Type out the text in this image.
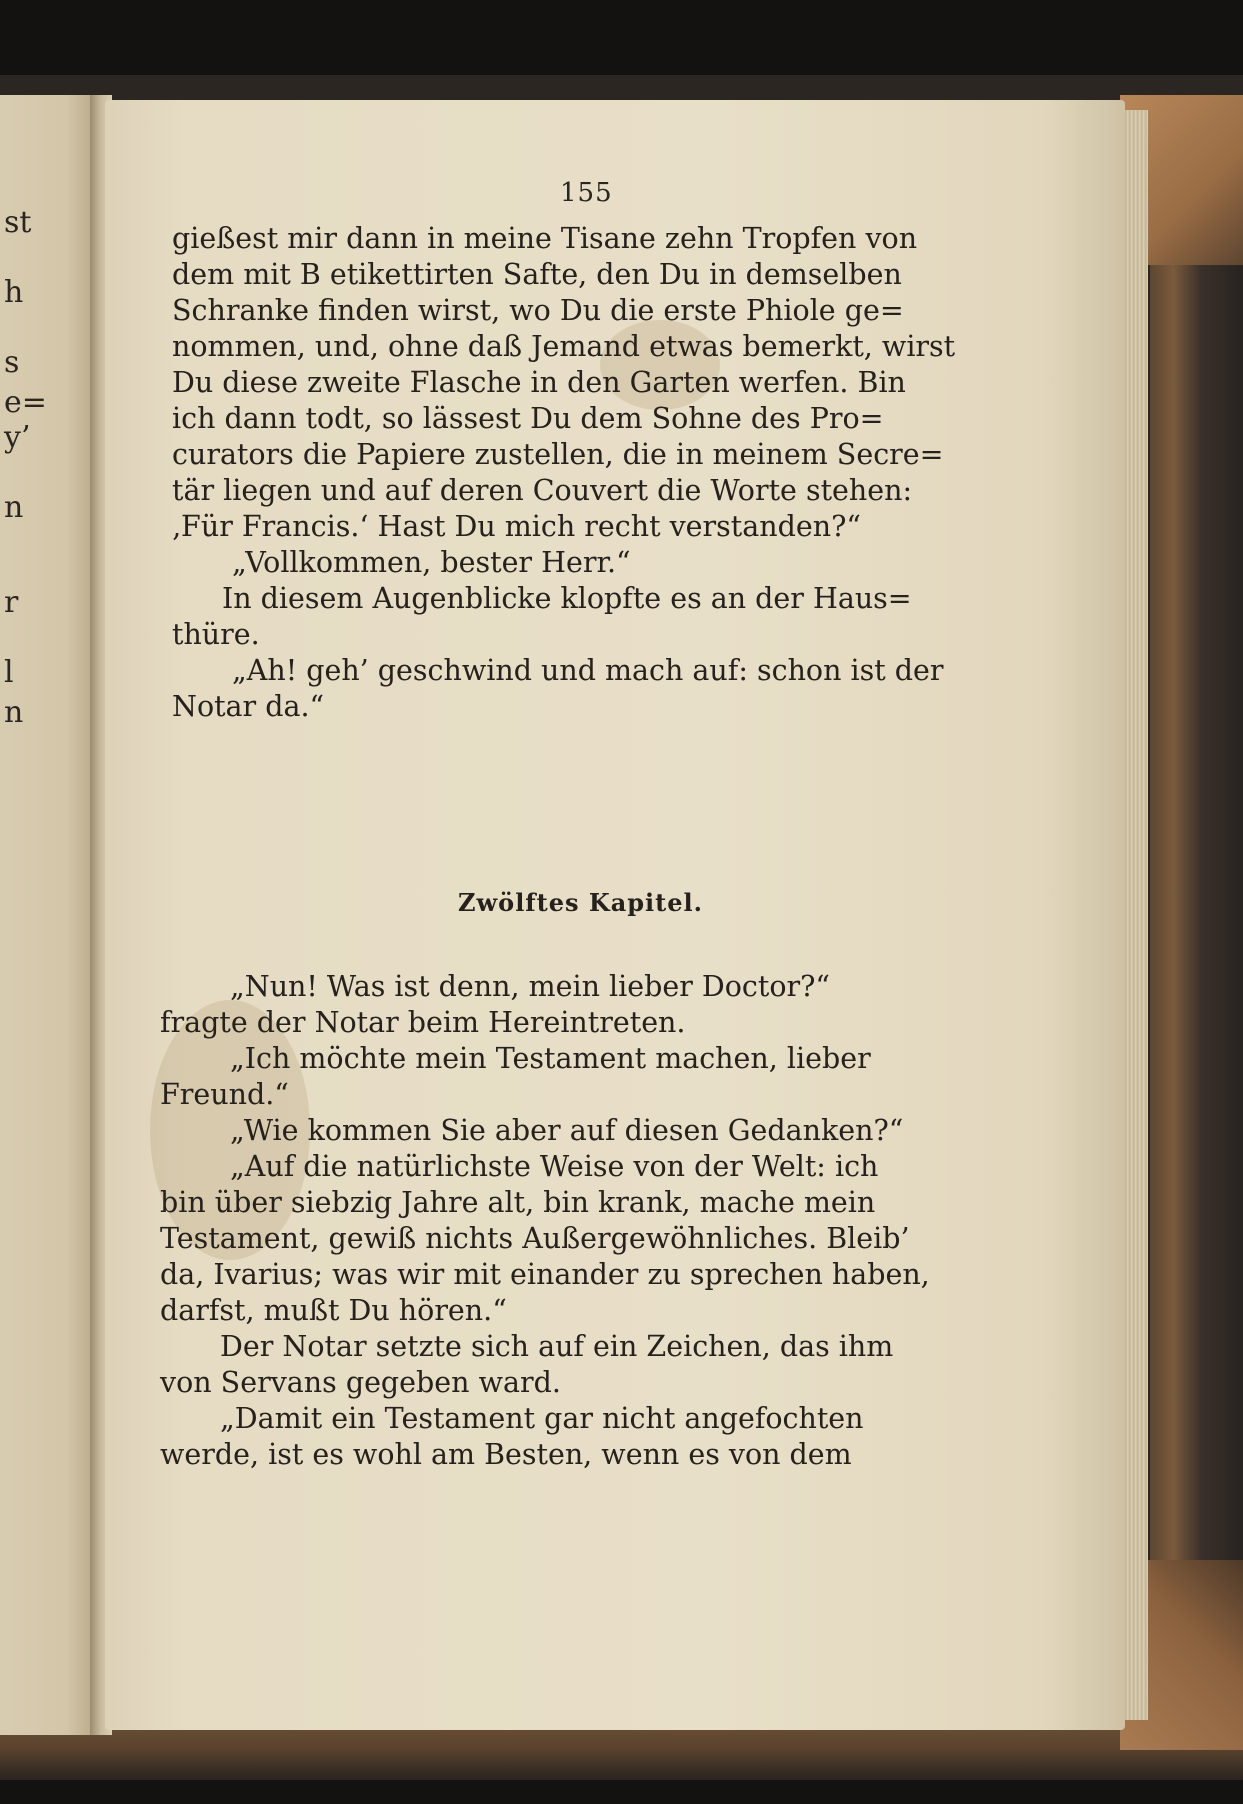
st
h
s
e=
y’
n
r
l
n
155
gießest mir dann in meine Tisane zehn Tropfen von
dem mit B etikettirten Safte, den Du in demselben
Schranke finden wirst, wo Du die erste Phiole ge=
nommen, und, ohne daß Jemand etwas bemerkt, wirst
Du diese zweite Flasche in den Garten werfen. Bin
ich dann todt, so lässest Du dem Sohne des Pro=
curators die Papiere zustellen, die in meinem Secre=
tär liegen und auf deren Couvert die Worte stehen:
‚Für Francis.‘ Hast Du mich recht verstanden?“
„Vollkommen, bester Herr.“
In diesem Augenblicke klopfte es an der Haus=
thüre.
„Ah! geh’ geschwind und mach auf: schon ist der
Notar da.“
Zwölftes Kapitel.
„Nun! Was ist denn, mein lieber Doctor?“
fragte der Notar beim Hereintreten.
„Ich möchte mein Testament machen, lieber
Freund.“
„Wie kommen Sie aber auf diesen Gedanken?“
„Auf die natürlichste Weise von der Welt: ich
bin über siebzig Jahre alt, bin krank, mache mein
Testament, gewiß nichts Außergewöhnliches. Bleib’
da, Ivarius; was wir mit einander zu sprechen haben,
darfst, mußt Du hören.“
Der Notar setzte sich auf ein Zeichen, das ihm
von Servans gegeben ward.
„Damit ein Testament gar nicht angefochten
werde, ist es wohl am Besten, wenn es von dem
